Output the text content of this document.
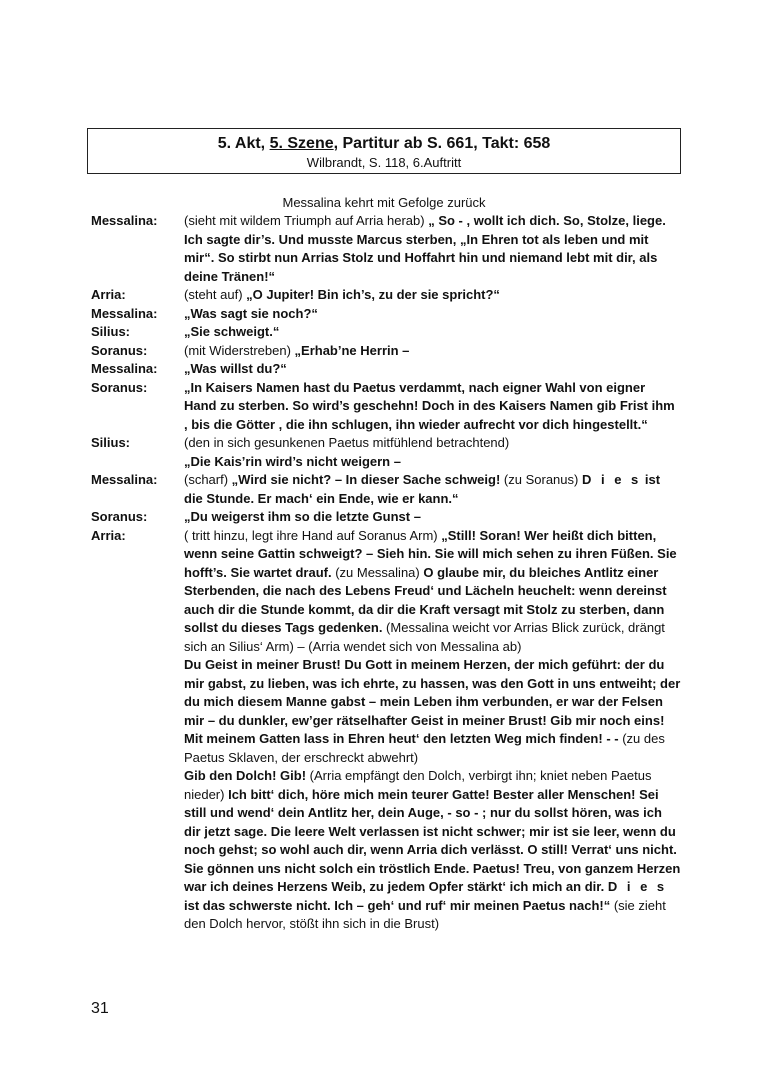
5. Akt, 5. Szene, Partitur ab S. 661, Takt: 658
Wilbrandt, S. 118, 6.Auftritt
Messalina kehrt mit Gefolge zurück
Messalina:	(sieht mit wildem Triumph auf Arria herab) „ So - , wollt ich dich. So, Stolze, liege. Ich sagte dir’s. Und musste Marcus sterben, „In Ehren tot als leben und mit mir“. So stirbt nun Arrias Stolz und Hoffahrt hin und niemand lebt mit dir, als deine Tränen!“
Arria:	(steht auf) „O Jupiter! Bin ich’s, zu der sie spricht?“
Messalina:	„Was sagt sie noch?“
Silius:	„Sie schweigt.“
Soranus:	(mit Widerstreben) „Erhab’ne Herrin –
Messalina:	„Was willst du?“
Soranus:	„In Kaisers Namen hast du Paetus verdammt, nach eigner Wahl von eigner Hand zu sterben. So wird’s geschehn! Doch in des Kaisers Namen gib Frist ihm , bis die Götter , die ihn schlugen, ihn wieder aufrecht vor dich hingestellt.“
Silius:	(den in sich gesunkenen Paetus mitfühlend betrachtend)
„Die Kais’rin wird’s nicht weigern –
Messalina:	(scharf) „Wird sie nicht? – In dieser Sache schweig! (zu Soranus) D i e s ist die Stunde. Er mach‘ ein Ende, wie er kann.“
Soranus:	„Du weigerst ihm so die letzte Gunst –
Arria:	( tritt hinzu, legt ihre Hand auf Soranus Arm) „Still! Soran! Wer heißt dich bitten, wenn seine Gattin schweigt? – Sieh hin. Sie will mich sehen zu ihren Füßen. Sie hofft’s. Sie wartet drauf. (zu Messalina) O glaube mir, du bleiches Antlitz einer Sterbenden, die nach des Lebens Freud‘ und Lächeln heuchelt: wenn dereinst auch dir die Stunde kommt, da dir die Kraft versagt mit Stolz zu sterben, dann sollst du dieses Tags gedenken. (Messalina weicht vor Arrias Blick zurück, drängt sich an Silius‘ Arm) – (Arria wendet sich von Messalina ab)
Du Geist in meiner Brust! Du Gott in meinem Herzen, der mich geführt: der du mir gabst, zu lieben, was ich ehrte, zu hassen, was den Gott in uns entweiht; der du mich diesem Manne gabst – mein Leben ihm verbunden, er war der Felsen mir – du dunkler, ew’ger rätselhafter Geist in meiner Brust! Gib mir noch eins! Mit meinem Gatten lass in Ehren heut‘ den letzten Weg mich finden! - - (zu des Paetus Sklaven, der erschreckt abwehrt)
Gib den Dolch! Gib! (Arria empfängt den Dolch, verbirgt ihn; kniet neben Paetus nieder) Ich bitt‘ dich, höre mich mein teurer Gatte! Bester aller Menschen! Sei still und wend‘ dein Antlitz her, dein Auge, - so - ; nur du sollst hören, was ich dir jetzt sage. Die leere Welt verlassen ist nicht schwer; mir ist sie leer, wenn du noch gehst; so wohl auch dir, wenn Arria dich verlässt. O still! Verrat‘ uns nicht. Sie gönnen uns nicht solch ein tröstlich Ende. Paetus! Treu, von ganzem Herzen war ich deines Herzens Weib, zu jedem Opfer stärkt‘ ich mich an dir. D i e s ist das schwerste nicht. Ich – geh‘ und ruf‘ mir meinen Paetus nach!“ (sie zieht den Dolch hervor, stößt ihn sich in die Brust)
31
